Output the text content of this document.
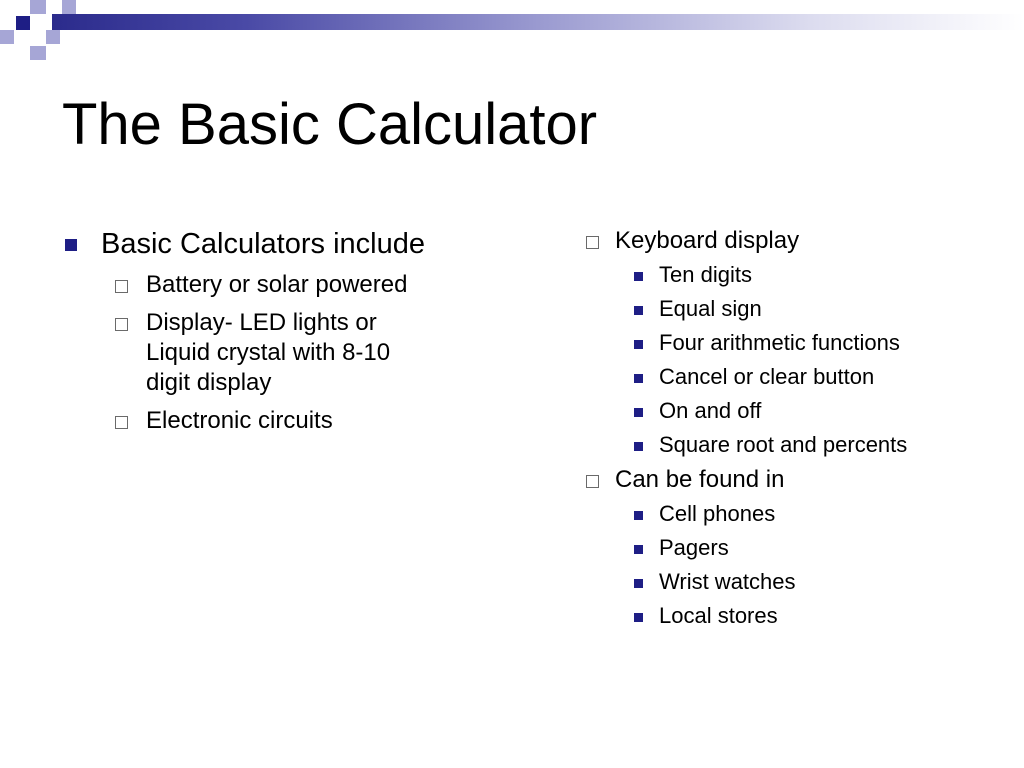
The Basic Calculator
Basic Calculators include
Battery or solar powered
Display- LED lights or
Liquid crystal with 8-10
digit display
Electronic circuits
Keyboard display
Ten digits
Equal sign
Four arithmetic functions
Cancel or clear button
On and off
Square root and percents
Can be found in
Cell phones
Pagers
Wrist watches
Local stores
